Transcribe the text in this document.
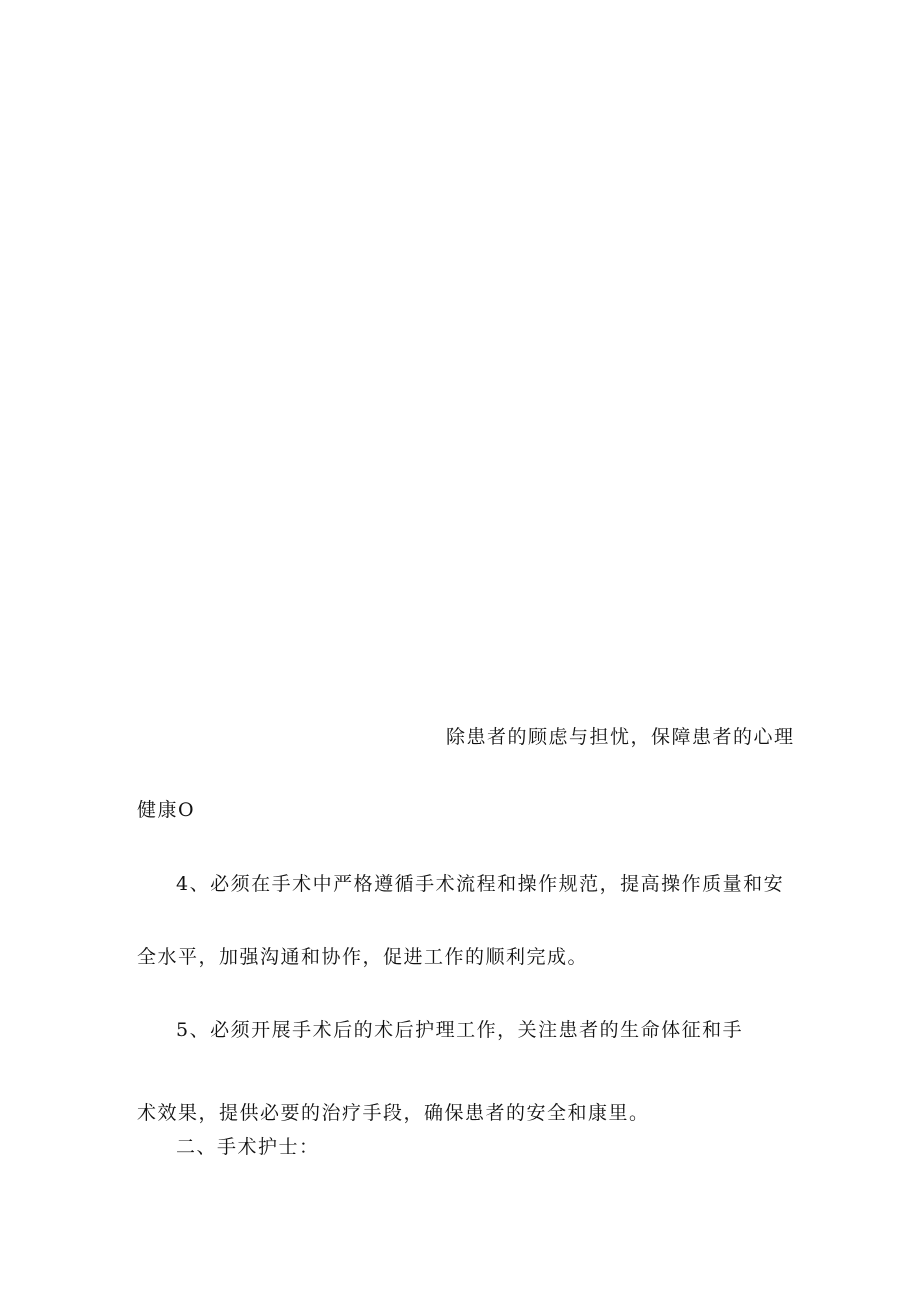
除患者的顾虑与担忧，保障患者的心理
健康O
4、必须在手术中严格遵循手术流程和操作规范，提高操作质量和安
全水平，加强沟通和协作，促进工作的顺利完成。
5、必须开展手术后的术后护理工作，关注患者的生命体征和手
术效果，提供必要的治疗手段，确保患者的安全和康里。
二、手术护士：
